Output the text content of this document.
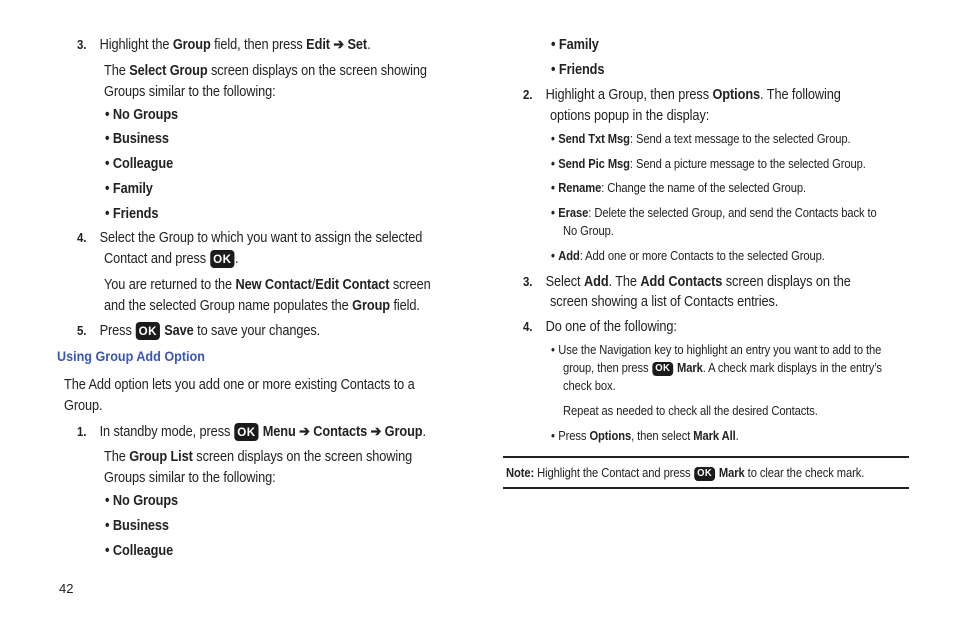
3. Highlight the Group field, then press Edit ➔ Set.
The Select Group screen displays on the screen showing
Groups similar to the following:
• No Groups
• Business
• Colleague
• Family
• Friends
4. Select the Group to which you want to assign the selected
Contact and press OK .
You are returned to the New Contact/Edit Contact screen
and the selected Group name populates the Group field.
5. Press OK Save to save your changes.
Using Group Add Option
The Add option lets you add one or more existing Contacts to a
Group.
1. In standby mode, press OK Menu ➔ Contacts ➔ Group.
The Group List screen displays on the screen showing
Groups similar to the following:
• No Groups
• Business
• Colleague
• Family
• Friends
2. Highlight a Group, then press Options. The following
options popup in the display:
• Send Txt Msg: Send a text message to the selected Group.
• Send Pic Msg: Send a picture message to the selected Group.
• Rename: Change the name of the selected Group.
• Erase: Delete the selected Group, and send the Contacts back to
No Group.
• Add: Add one or more Contacts to the selected Group.
3. Select Add. The Add Contacts screen displays on the
screen showing a list of Contacts entries.
4. Do one of the following:
• Use the Navigation key to highlight an entry you want to add to the
group, then press OK Mark. A check mark displays in the entry’s
check box.
Repeat as needed to check all the desired Contacts.
• Press Options, then select Mark All.
Note: Highlight the Contact and press OK Mark to clear the check mark.
42
